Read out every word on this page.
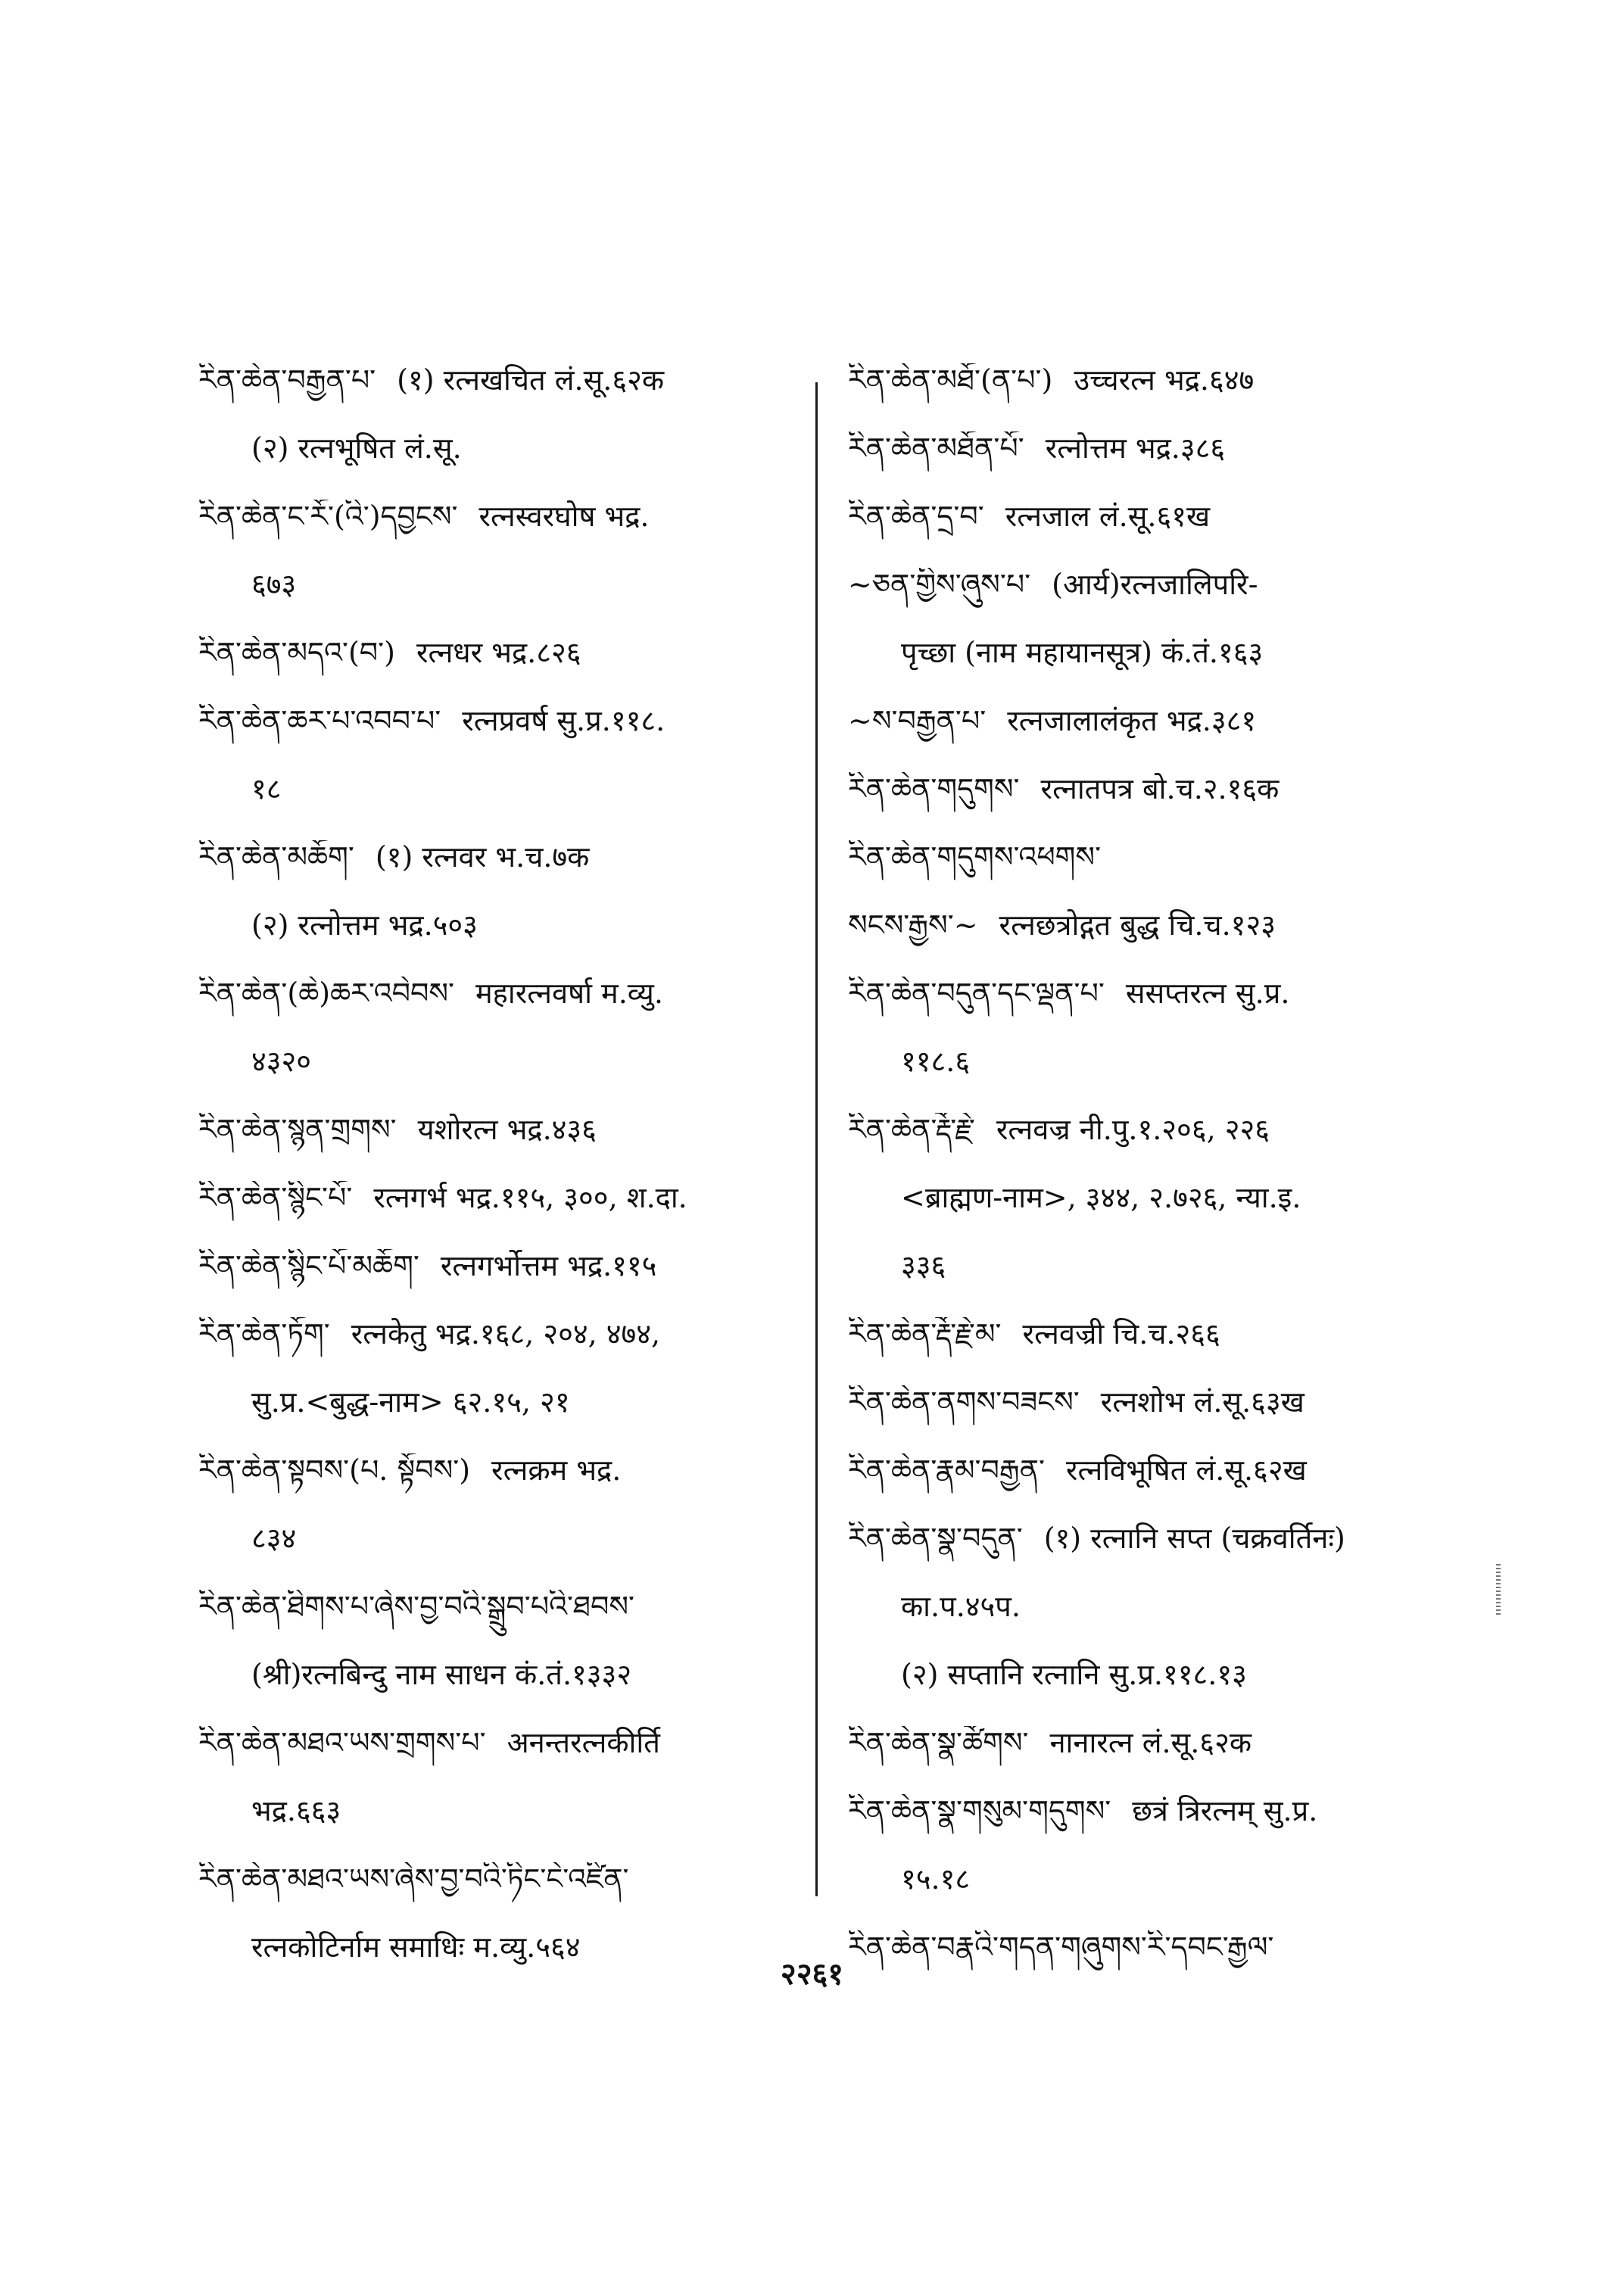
རིན་ཆེན་བརྒྱན་པ་ (१) रत्नखचित लं.सू.६२क
(२) रत्नभूषित लं.सू.
རིན་ཆེན་ང་རོ་(འི་)དབྱངས་ रत्नस्वरघोष भद्र.
६७३
རིན་ཆེན་མདའ་(བ་) रत्नधर भद्र.८२६
རིན་ཆེན་ཆར་པ་འབབ་པ་ रत्नप्रवर्ष सु.प्र.११८.
१८
རིན་ཆེན་མཆོག་ (१) रत्नवर भ.च.७क
(२) रत्नोत्तम भद्र.५०३
རིན་ཆེན་(ཆེ)ཆར་འབེབས་ महारत्नवर्षा म.व्यु.
४३२०
རིན་ཆེན་སྙན་གྲགས་ यशोरत्न भद्र.४३६
རིན་ཆེན་སྙིང་པོ་ रत्नगर्भ भद्र.११५, ३००, श.दा.
རིན་ཆེན་སྙིང་པོ་མཆོག་ रत्नगर्भोत्तम भद्र.११५
རིན་ཆེན་ཏོག་ रत्नकेतु भद्र.१६८, २०४, ४७४,
सु.प्र.<बुद्ध-नाम> ६२.१५, २१
རིན་ཆེན་སྟབས་(པ. སྟོབས་) रत्नक्रम भद्र.
८३४
རིན་ཆེན་ཐིགས་པ་ཞེས་བྱ་བའི་སྒྲུབ་པའི་ཐབས་
(श्री)रत्नबिन्दु नाम साधन कं.तं.१३३२
རིན་ཆེན་མཐའ་ཡས་གྲགས་པ་ अनन्तरत्नकीर्ति
भद्र.६६३
རིན་ཆེན་མཐའ་ཡས་ཞེས་བྱ་བའི་ཏིང་ངེ་འཛིན་
रत्नकोटिर्नाम समाधिः म.व्यु.५६४
རིན་ཆེན་མཐོ་(ན་པ་) उच्चरत्न भद्र.६४७
རིན་ཆེན་མཐོན་པོ་ रत्नोत्तम भद्र.३८६
རིན་ཆེན་དྲ་བ་ रत्नजाल लं.सू.६१ख
~ཅན་གྱིས་ཞུས་པ་ (आर्य)रत्नजालिपरि-
पृच्छा (नाम महायानसूत्र) कं.तं.१६३
~ས་བརྒྱན་པ་ रत्नजालालंकृत भद्र.३८१
རིན་ཆེན་གདུགས་ रत्नातपत्र बो.च.२.१६क
རིན་ཆེན་གདུགས་འཕགས་
སངས་རྒྱས་~ रत्नछत्रोद्गत बुद्ध चि.च.१२३
རིན་ཆེན་བདུན་དང་ལྡན་པ་ ससप्तरत्न सु.प्र.
११८.६
རིན་ཆེན་རྡོ་རྗེ་ रत्नवज्र नी.पु.१.२०६, २२६
<ब्राह्मण-नाम>, ३४४, २.७२६, न्या.इ.
३३६
རིན་ཆེན་རྡོ་རྗེ་མ་ रत्नवज्री चि.च.२६६
རིན་ཆེན་ནགས་བཟངས་ रत्नशोभ लं.सू.६३ख
རིན་ཆེན་རྣམ་བརྒྱན་ रत्नविभूषित लं.सू.६२ख
རིན་ཆེན་སྣ་བདུན་ (१) रत्नानि सप्त (चक्रवर्तिनः)
का.प.४५प.
(२) सप्तानि रत्नानि सु.प्र.११८.१३
རིན་ཆེན་སྣ་ཚོགས་ नानारत्न लं.सू.६२क
རིན་ཆེན་སྣ་གསུམ་གདུགས་ छत्रं त्रिरत्नम् सु.प्र.
१५.१८
རིན་ཆེན་བརྣའི་གདན་གཞུགས་རི་དབང་རྒྱལ་
२२६१
